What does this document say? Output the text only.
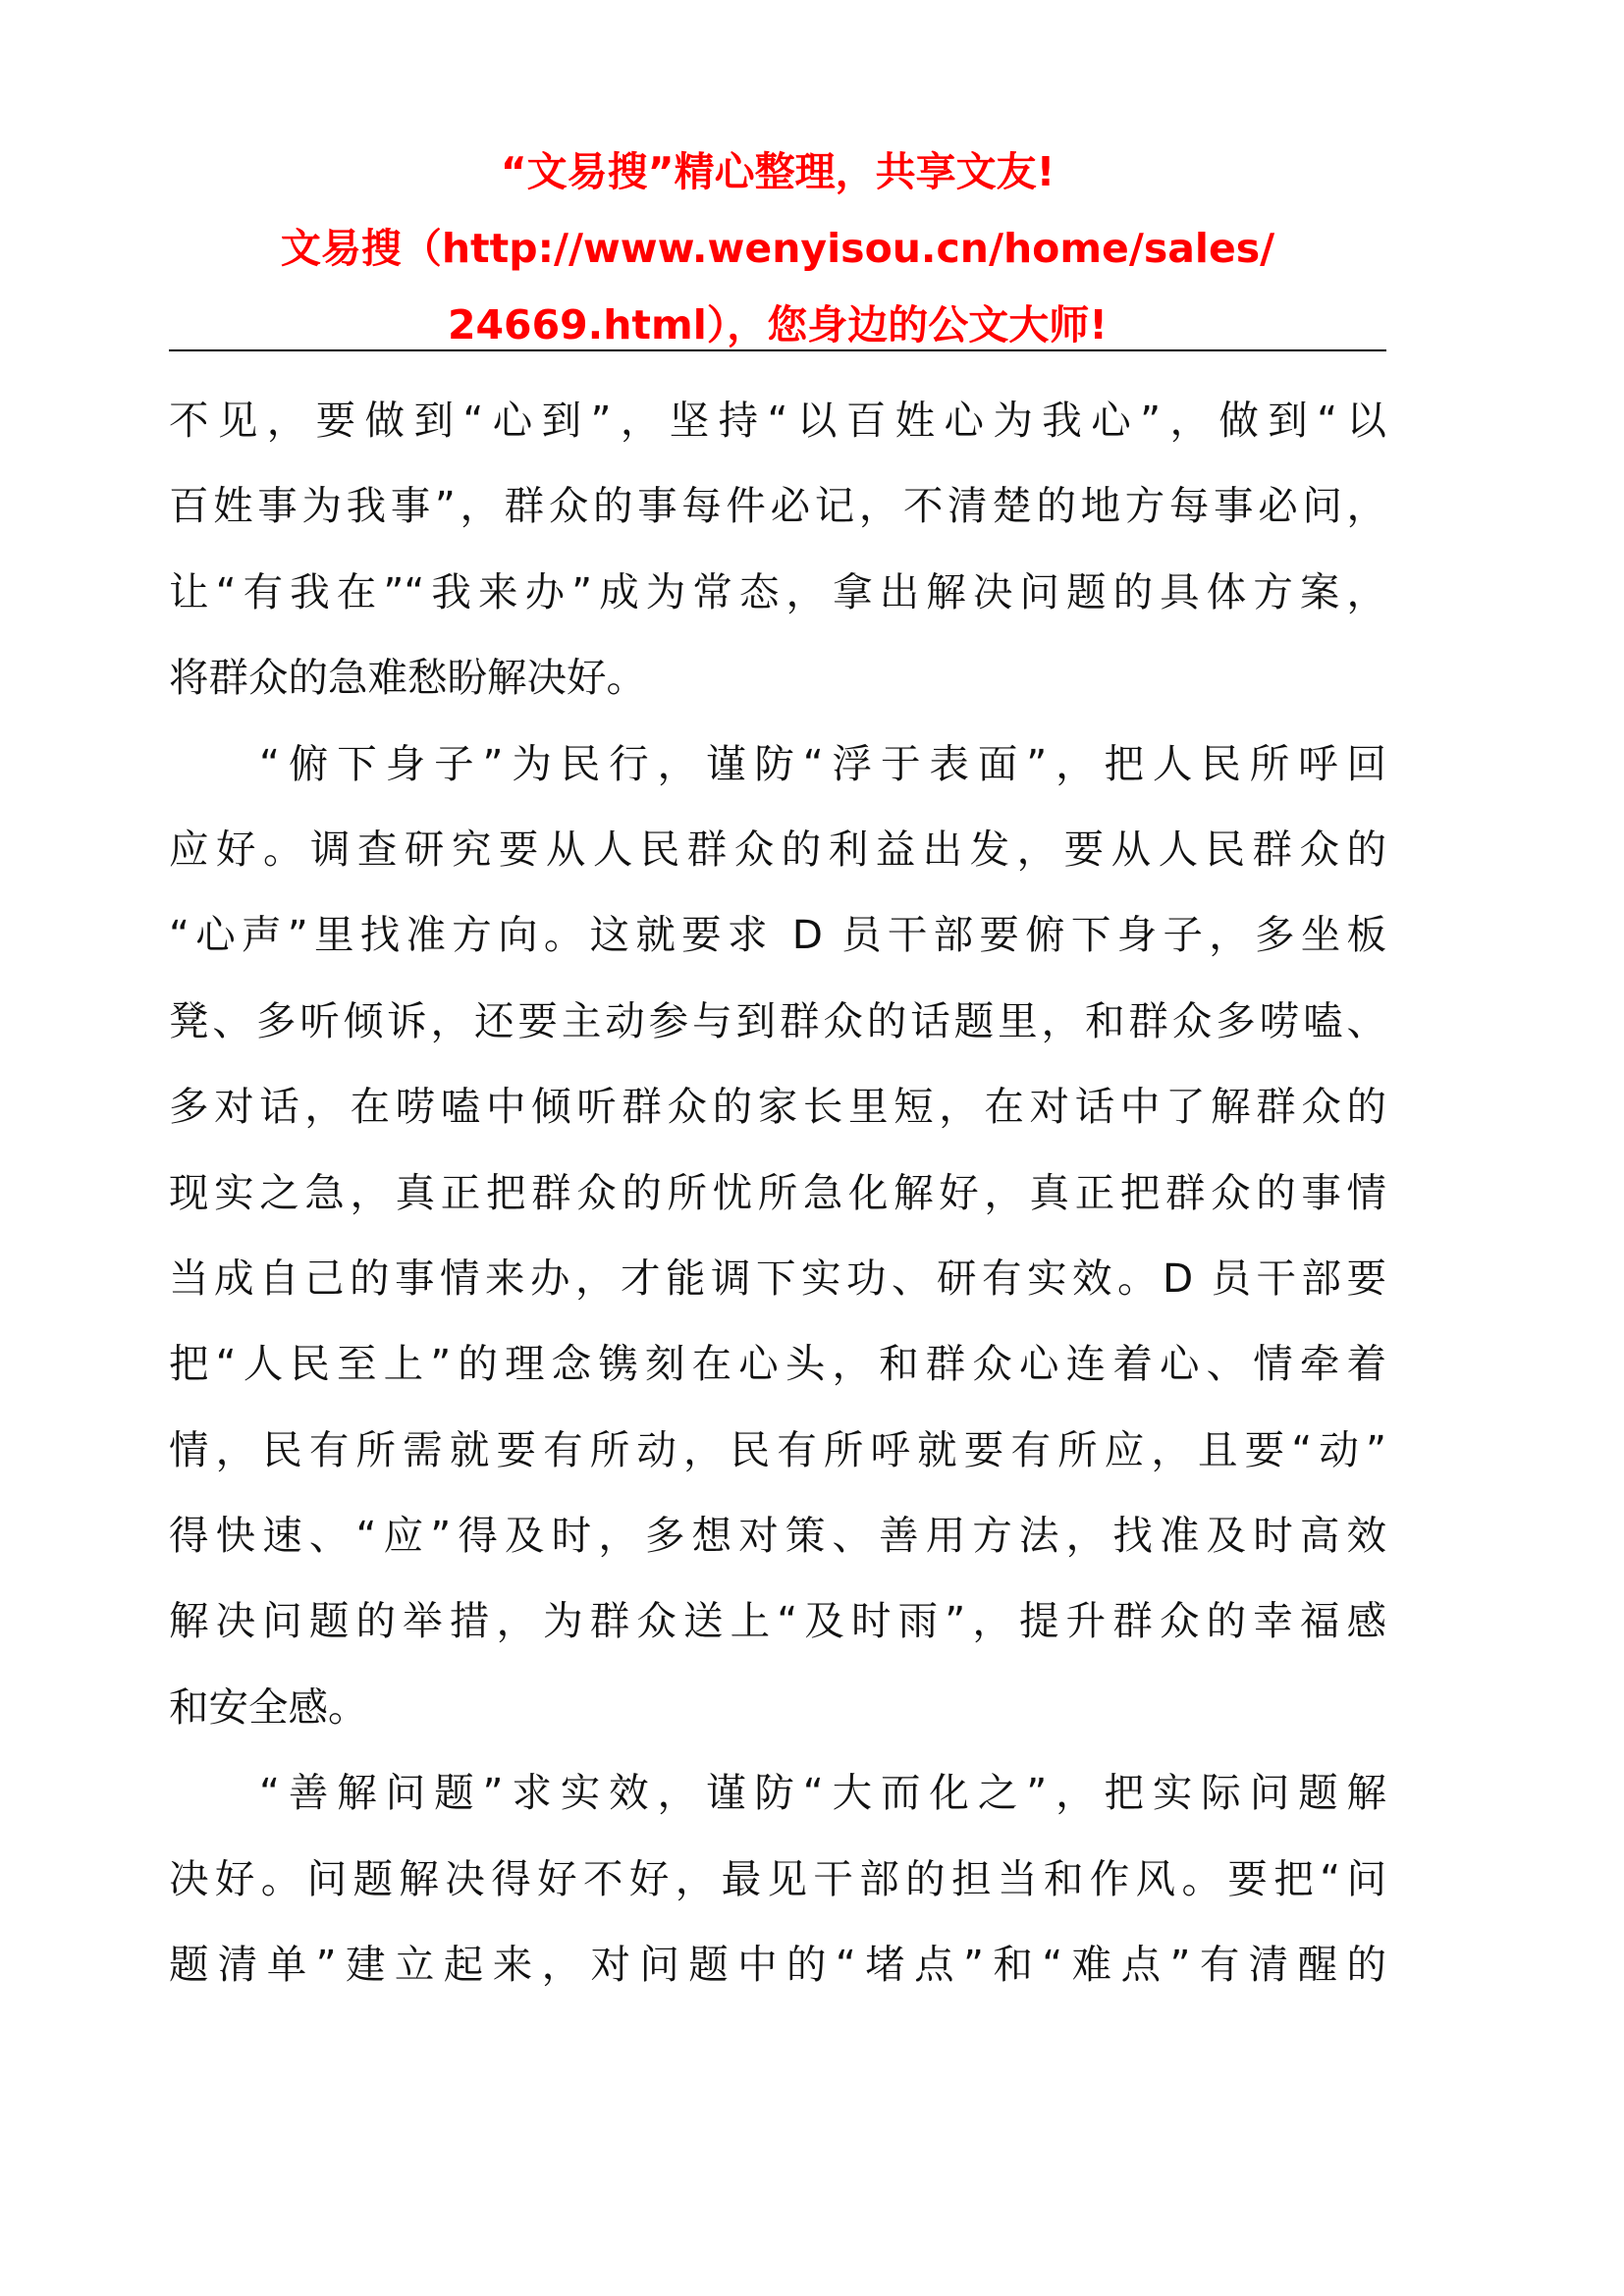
“文易搜”精心整理，共享文友!
文易搜（http://www.wenyisou.cn/home/sales/
24669.html），您身边的公文大师!
不见，要做到“心到”，坚持“以百姓心为我心”，做到“以
百姓事为我事”，群众的事每件必记，不清楚的地方每事必问，
让“有我在”“我来办”成为常态，拿出解决问题的具体方案，
将群众的急难愁盼解决好。
“俯下身子”为民行，谨防“浮于表面”，把人民所呼回
应好。调查研究要从人民群众的利益出发，要从人民群众的
“心声”里找准方向。这就要求 D 员干部要俯下身子，多坐板
凳、多听倾诉，还要主动参与到群众的话题里，和群众多唠嗑、
多对话，在唠嗑中倾听群众的家长里短，在对话中了解群众的
现实之急，真正把群众的所忧所急化解好，真正把群众的事情
当成自己的事情来办，才能调下实功、研有实效。D 员干部要
把“人民至上”的理念镌刻在心头，和群众心连着心、情牵着
情，民有所需就要有所动，民有所呼就要有所应，且要“动”
得快速、“应”得及时，多想对策、善用方法，找准及时高效
解决问题的举措，为群众送上“及时雨”，提升群众的幸福感
和安全感。
“善解问题”求实效，谨防“大而化之”，把实际问题解
决好。问题解决得好不好，最见干部的担当和作风。要把“问
题清单”建立起来，对问题中的“堵点”和“难点”有清醒的
